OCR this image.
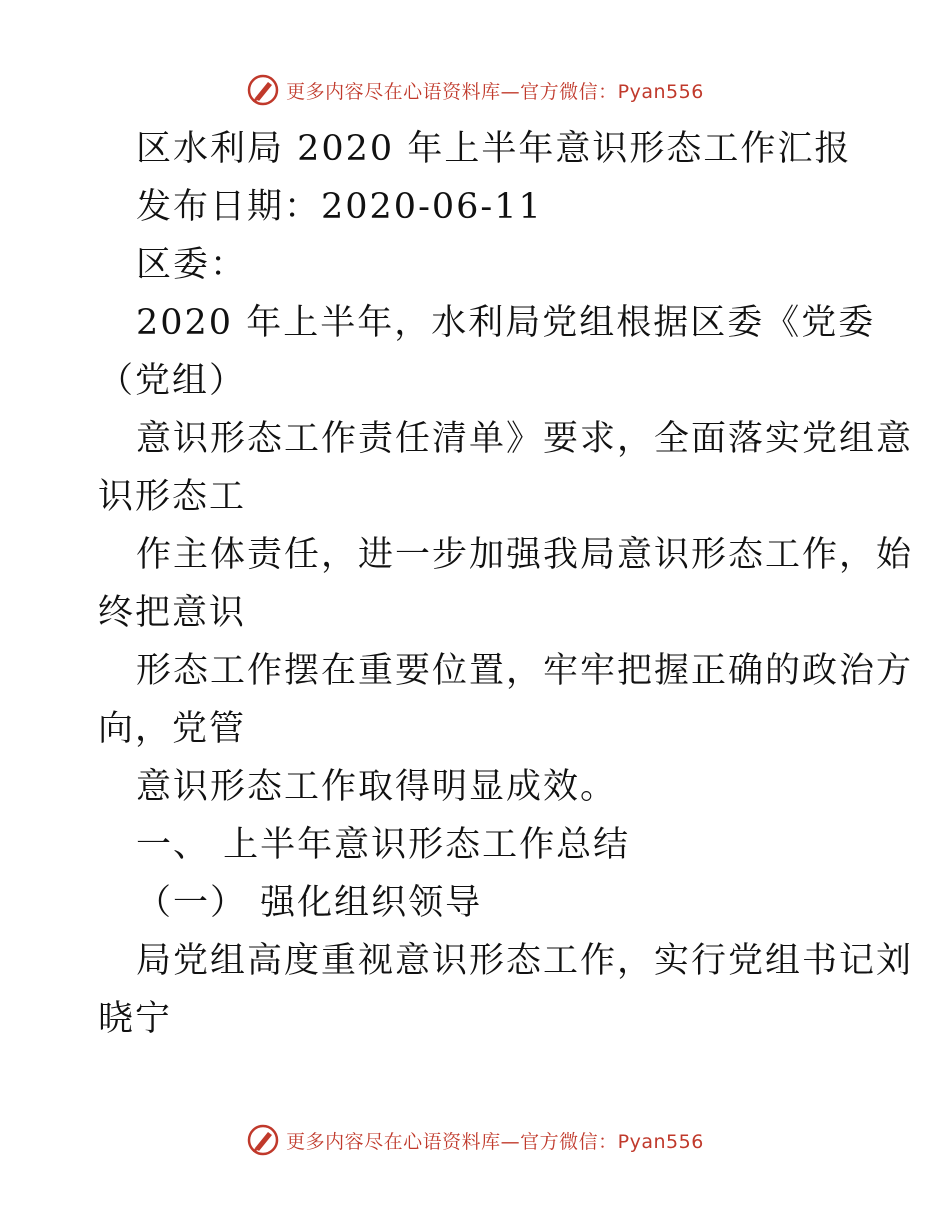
更多内容尽在心语资料库—官方微信：Pyan556
区水利局 2020 年上半年意识形态工作汇报
发布日期：2020-06-11
区委：
2020 年上半年，水利局党组根据区委《党委
（党组）
意识形态工作责任清单》要求，全面落实党组意
识形态工
作主体责任，进一步加强我局意识形态工作，始
终把意识
形态工作摆在重要位置，牢牢把握正确的政治方
向，党管
意识形态工作取得明显成效。
一、 上半年意识形态工作总结
（一） 强化组织领导
局党组高度重视意识形态工作，实行党组书记刘
晓宁
更多内容尽在心语资料库—官方微信：Pyan556
